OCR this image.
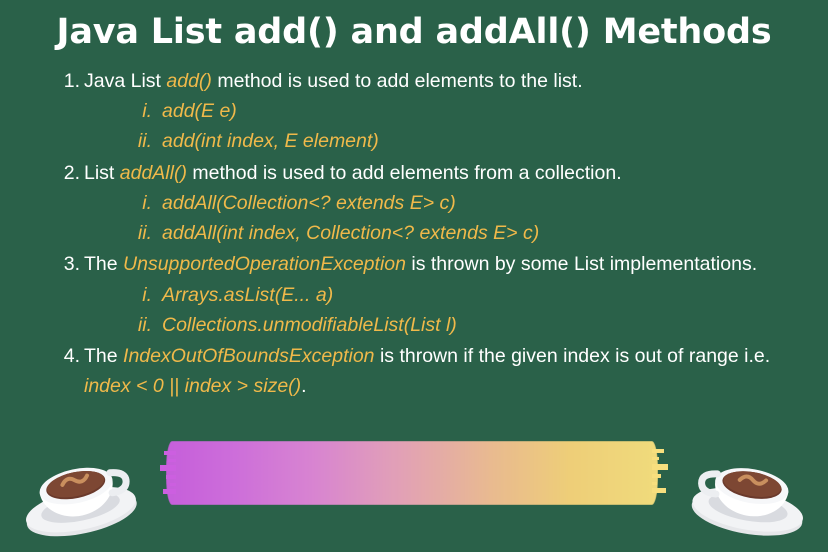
Java List add() and addAll() Methods
1. Java List add() method is used to add elements to the list.
i. add(E e)
ii. add(int index, E element)
2. List addAll() method is used to add elements from a collection.
i. addAll(Collection<? extends E> c)
ii. addAll(int index, Collection<? extends E> c)
3. The UnsupportedOperationException is thrown by some List implementations.
i. Arrays.asList(E... a)
ii. Collections.unmodifiableList(List l)
4. The IndexOutOfBoundsException is thrown if the given index is out of range i.e. index < 0 || index > size().
